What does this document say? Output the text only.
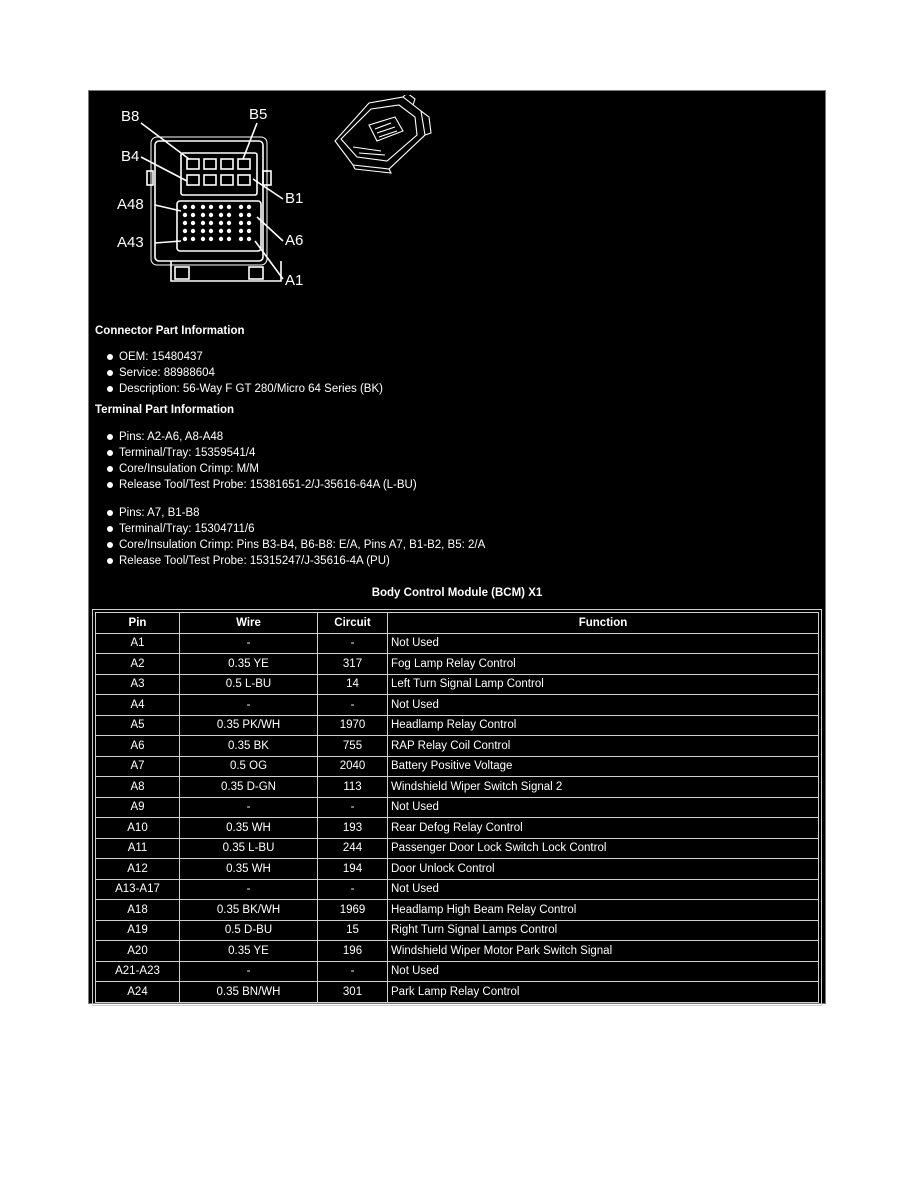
B8	B5
B4
B1
A48
A6
A43
A1
Connector Part Information
OEM: 15480437
Service: 88988604
Description: 56-Way F GT 280/Micro 64 Series (BK)
Terminal Part Information
Pins: A2-A6, A8-A48
Terminal/Tray: 15359541/4
Core/Insulation Crimp: M/M
Release Tool/Test Probe: 15381651-2/J-35616-64A (L-BU)
Pins: A7, B1-B8
Terminal/Tray: 15304711/6
Core/Insulation Crimp: Pins B3-B4, B6-B8: E/A, Pins A7, B1-B2, B5: 2/A
Release Tool/Test Probe: 15315247/J-35616-4A (PU)
Body Control Module (BCM) X1
Pin	Wire	Circuit	Function
A1	-	-	Not Used
A2	0.35 YE	317	Fog Lamp Relay Control
A3	0.5 L-BU	14	Left Turn Signal Lamp Control
A4	-	-	Not Used
A5	0.35 PK/WH	1970	Headlamp Relay Control
A6	0.35 BK	755	RAP Relay Coil Control
A7	0.5 OG	2040	Battery Positive Voltage
A8	0.35 D-GN	113	Windshield Wiper Switch Signal 2
A9	-	-	Not Used
A10	0.35 WH	193	Rear Defog Relay Control
A11	0.35 L-BU	244	Passenger Door Lock Switch Lock Control
A12	0.35 WH	194	Door Unlock Control
A13-A17	-	-	Not Used
A18	0.35 BK/WH	1969	Headlamp High Beam Relay Control
A19	0.5 D-BU	15	Right Turn Signal Lamps Control
A20	0.35 YE	196	Windshield Wiper Motor Park Switch Signal
A21-A23	-	-	Not Used
A24	0.35 BN/WH	301	Park Lamp Relay Control
